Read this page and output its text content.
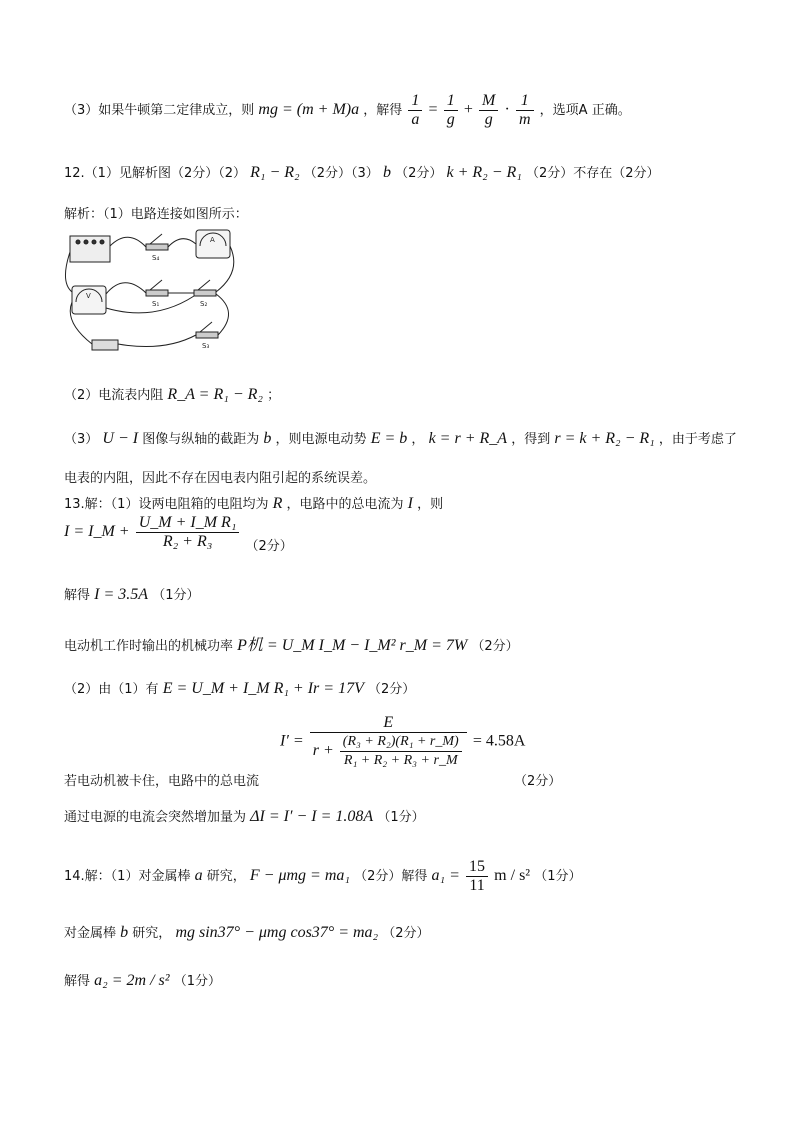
（3）如果牛顿第二定律成立，则 mg = (m + M)a ，解得 $\frac{1}{a} = \frac{1}{g} + \frac{M}{g} \cdot \frac{1}{m}$ ，选项A 正确。
12.（1）见解析图（2分）（2） R₁ − R₂ （2分）（3） b （2分） k + R₂ − R₁ （2分）不存在（2分）
解析：（1）电路连接如图所示：
A
V
S₄
S₁	S₂
S₃
（2）电流表内阻 R_A = R₁ − R₂ ；
（3） U − I 图像与纵轴的截距为 b ，则电源电动势 E = b ， k = r + R_A ，得到 r = k + R₂ − R₁ ，由于考虑了
电表的内阻，因此不存在因电表内阻引起的系统误差。
13.解：（1）设两电阻箱的电阻均为 R ，电路中的总电流为 I ，则
I = I_M + $\frac{\text{U\_M + I\_M R₁}}{\text{R₂ + R₃}} (2$分）
解得 I = 3.5A （1分）
电动机工作时输出的机械功率 P机 = U_M I_M − I_M² r_M = 7W （2分）
（2）由（1）有 E = U_M + I_M R₁ + Ir = 17V （2分）
$I' = \frac{E}{r + \frac{\text{(R₃ + R₂)(R₁ + r\_M)}}{\text{R₁ + R₂ + R₃ + r\_M}}} = 4.58A$
若电动机被卡住，电路中的总电流	（2分）
通过电源的电流会突然增加量为 ΔI = I′ − I = 1.08A （1分）
14.解：（1）对金属棒 a 研究， F − μmg = ma₁ （2分）解得 $a_1 = \frac{15}{11}$ m / s² （1分）
对金属棒 b 研究， mg sin37° − μmg cos37° = ma₂ （2分）
解得 a₂ = 2m / s² （1分）
